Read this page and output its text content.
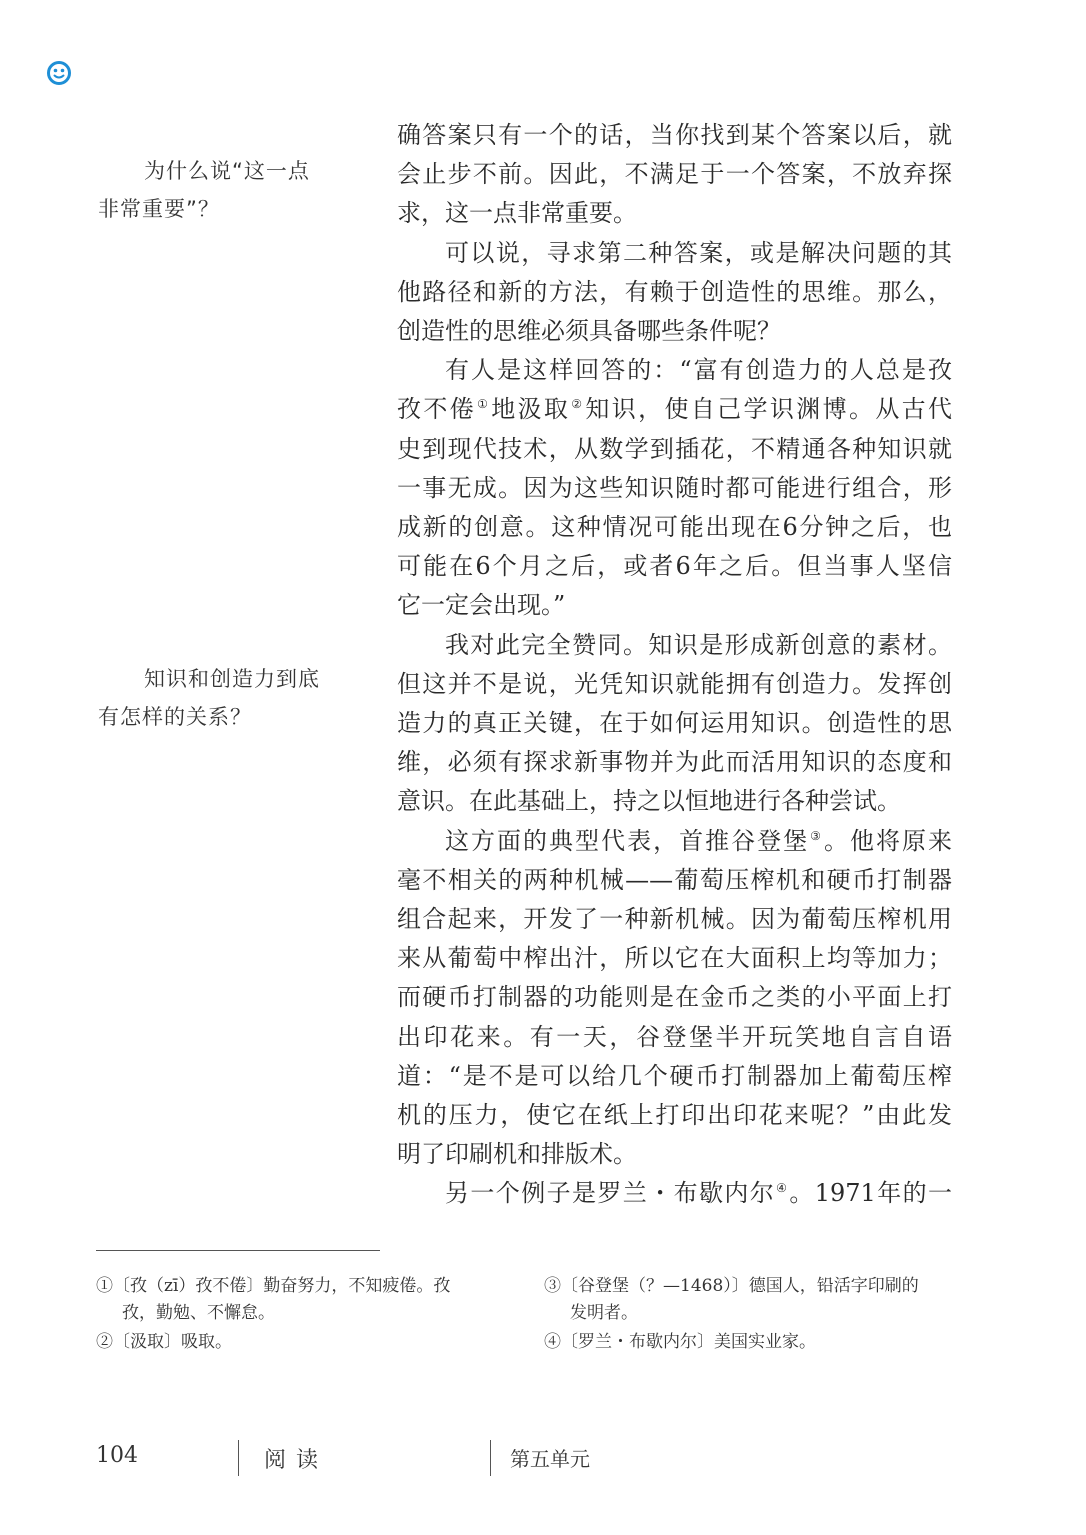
为什么说“这一点
非常重要”？
知识和创造力到底
有怎样的关系？

确答案只有一个的话，当你找到某个答案以后，就
会止步不前。因此，不满足于一个答案，不放弃探
求，这一点非常重要。

可以说，寻求第二种答案，或是解决问题的其
他路径和新的方法，有赖于创造性的思维。那么，
创造性的思维必须具备哪些条件呢？

有人是这样回答的：“富有创造力的人总是孜
孜不倦①地汲取②知识，使自己学识渊博。从古代
史到现代技术，从数学到插花，不精通各种知识就
一事无成。因为这些知识随时都可能进行组合，形
成新的创意。这种情况可能出现在6分钟之后，也
可能在6个月之后，或者6年之后。但当事人坚信
它一定会出现。”

我对此完全赞同。知识是形成新创意的素材。
但这并不是说，光凭知识就能拥有创造力。发挥创
造力的真正关键，在于如何运用知识。创造性的思
维，必须有探求新事物并为此而活用知识的态度和
意识。在此基础上，持之以恒地进行各种尝试。

这方面的典型代表，首推谷登堡③。他将原来
毫不相关的两种机械——葡萄压榨机和硬币打制器
组合起来，开发了一种新机械。因为葡萄压榨机用
来从葡萄中榨出汁，所以它在大面积上均等加力；
而硬币打制器的功能则是在金币之类的小平面上打
出印花来。有一天，谷登堡半开玩笑地自言自语
道：“是不是可以给几个硬币打制器加上葡萄压榨
机的压力，使它在纸上打印出印花来呢？”由此发
明了印刷机和排版术。

另一个例子是罗兰・布歇内尔④。1971年的一

①〔孜（zī）孜不倦〕勤奋努力，不知疲倦。孜
孜，勤勉、不懈怠。
②〔汲取〕吸取。
③〔谷登堡（？—1468）〕德国人，铅活字印刷的
发明者。
④〔罗兰・布歇内尔〕美国实业家。
104	阅读	第五单元
